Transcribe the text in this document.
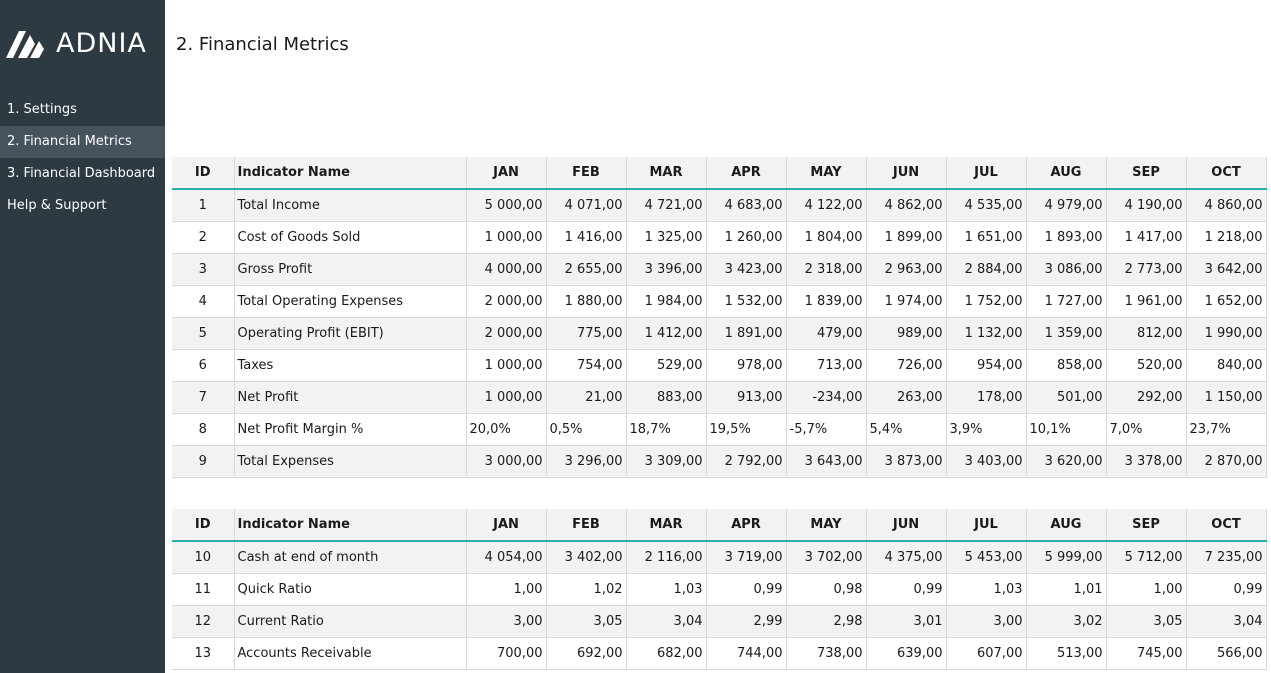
ADNIA
1. Settings
2. Financial Metrics
3. Financial Dashboard
Help & Support
2. Financial Metrics
ID	Indicator Name	JAN	FEB	MAR	APR	MAY	JUN	JUL	AUG	SEP	OCT
1	Total Income	5 000,00	4 071,00	4 721,00	4 683,00	4 122,00	4 862,00	4 535,00	4 979,00	4 190,00	4 860,00
2	Cost of Goods Sold	1 000,00	1 416,00	1 325,00	1 260,00	1 804,00	1 899,00	1 651,00	1 893,00	1 417,00	1 218,00
3	Gross Profit	4 000,00	2 655,00	3 396,00	3 423,00	2 318,00	2 963,00	2 884,00	3 086,00	2 773,00	3 642,00
4	Total Operating Expenses	2 000,00	1 880,00	1 984,00	1 532,00	1 839,00	1 974,00	1 752,00	1 727,00	1 961,00	1 652,00
5	Operating Profit (EBIT)	2 000,00	775,00	1 412,00	1 891,00	479,00	989,00	1 132,00	1 359,00	812,00	1 990,00
6	Taxes	1 000,00	754,00	529,00	978,00	713,00	726,00	954,00	858,00	520,00	840,00
7	Net Profit	1 000,00	21,00	883,00	913,00	-234,00	263,00	178,00	501,00	292,00	1 150,00
8	Net Profit Margin %	20,0%	0,5%	18,7%	19,5%	-5,7%	5,4%	3,9%	10,1%	7,0%	23,7%
9	Total Expenses	3 000,00	3 296,00	3 309,00	2 792,00	3 643,00	3 873,00	3 403,00	3 620,00	3 378,00	2 870,00
ID	Indicator Name	JAN	FEB	MAR	APR	MAY	JUN	JUL	AUG	SEP	OCT
10	Cash at end of month	4 054,00	3 402,00	2 116,00	3 719,00	3 702,00	4 375,00	5 453,00	5 999,00	5 712,00	7 235,00
11	Quick Ratio	1,00	1,02	1,03	0,99	0,98	0,99	1,03	1,01	1,00	0,99
12	Current Ratio	3,00	3,05	3,04	2,99	2,98	3,01	3,00	3,02	3,05	3,04
13	Accounts Receivable	700,00	692,00	682,00	744,00	738,00	639,00	607,00	513,00	745,00	566,00
